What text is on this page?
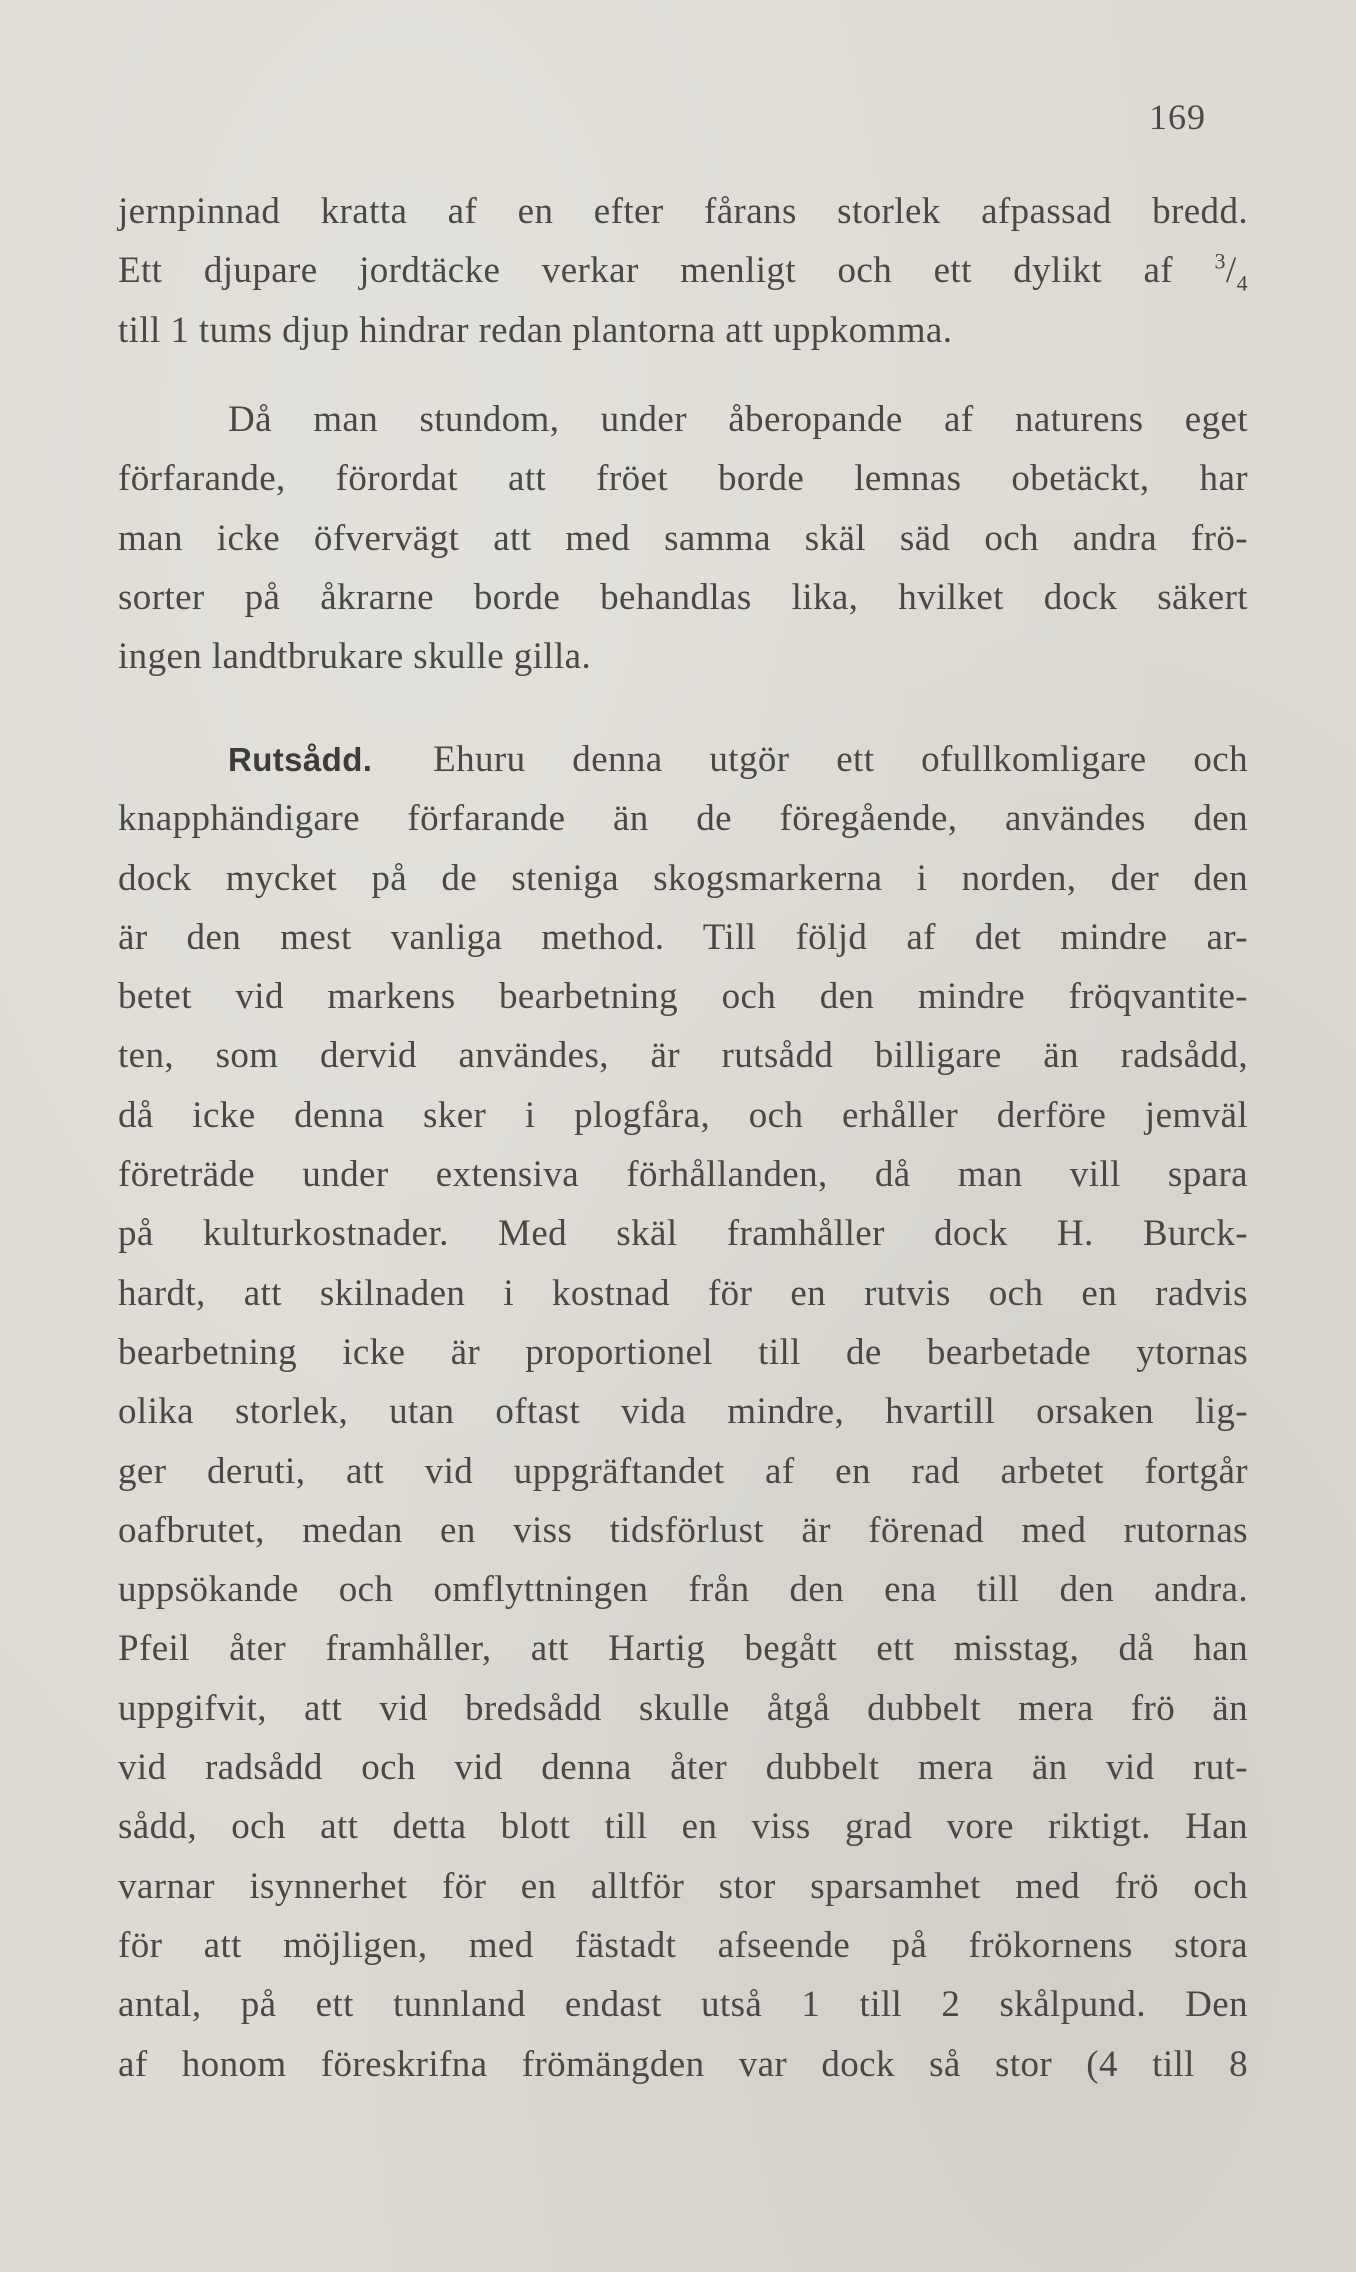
169
jernpinnad kratta af en efter fårans storlek afpassad bredd.
Ett djupare jordtäcke verkar menligt och ett dylikt af $^3/_4$
till 1 tums djup hindrar redan plantorna att uppkomma.
Då man stundom, under åberopande af naturens eget
förfarande, förordat att fröet borde lemnas obetäckt, har
man icke öfvervägt att med samma skäl säd och andra frö-
sorter på åkrarne borde behandlas lika, hvilket dock säkert
ingen landtbrukare skulle gilla.
Rutsådd. Ehuru denna utgör ett ofullkomligare och
knapphändigare förfarande än de föregående, användes den
dock mycket på de steniga skogsmarkerna i norden, der den
är den mest vanliga method. Till följd af det mindre ar-
betet vid markens bearbetning och den mindre fröqvantite-
ten, som dervid användes, är rutsådd billigare än radsådd,
då icke denna sker i plogfåra, och erhåller derföre jemväl
företräde under extensiva förhållanden, då man vill spara
på kulturkostnader. Med skäl framhåller dock H. Burck-
hardt, att skilnaden i kostnad för en rutvis och en radvis
bearbetning icke är proportionel till de bearbetade ytornas
olika storlek, utan oftast vida mindre, hvartill orsaken lig-
ger deruti, att vid uppgräftandet af en rad arbetet fortgår
oafbrutet, medan en viss tidsförlust är förenad med rutornas
uppsökande och omflyttningen från den ena till den andra.
Pfeil åter framhåller, att Hartig begått ett misstag, då han
uppgifvit, att vid bredsådd skulle åtgå dubbelt mera frö än
vid radsådd och vid denna åter dubbelt mera än vid rut-
sådd, och att detta blott till en viss grad vore riktigt. Han
varnar isynnerhet för en alltför stor sparsamhet med frö och
för att möjligen, med fästadt afseende på frökornens stora
antal, på ett tunnland endast utså 1 till 2 skålpund. Den
af honom föreskrifna frömängden var dock så stor (4 till 8
